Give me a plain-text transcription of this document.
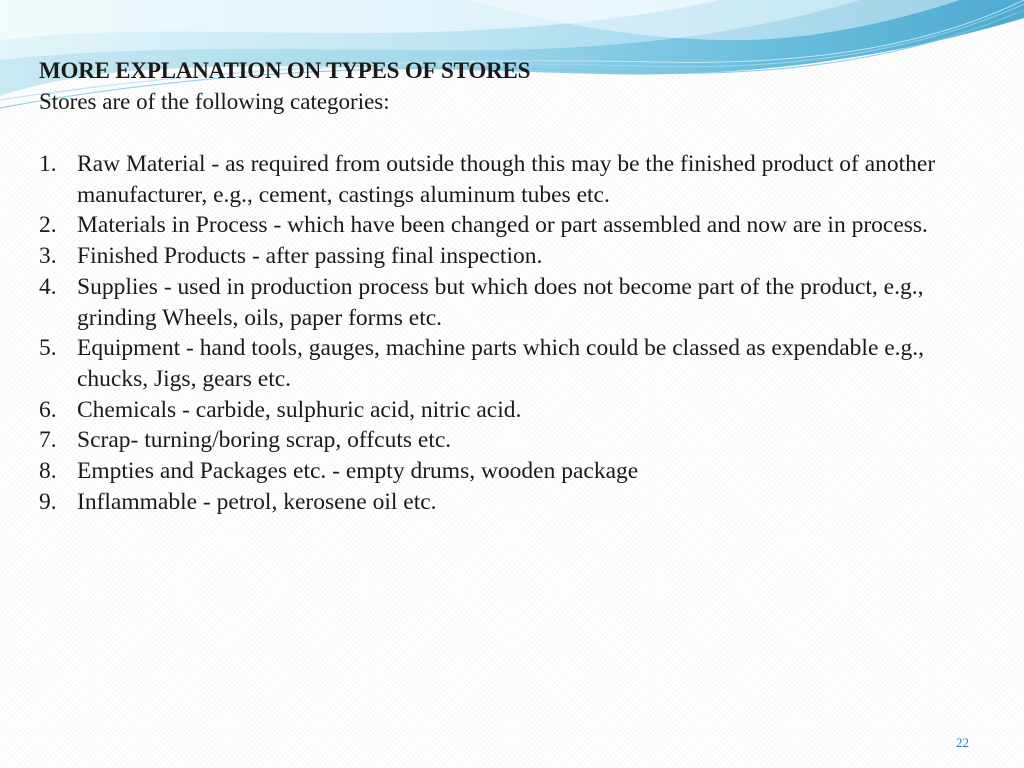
MORE EXPLANATION ON TYPES OF STORES
Stores are of the following categories:
1. Raw Material - as required from outside though this may be the finished product of another manufacturer, e.g., cement, castings aluminum tubes etc.
2. Materials in Process - which have been changed or part assembled and now are in process.
3. Finished Products - after passing final inspection.
4. Supplies - used in production process but which does not become part of the product, e.g., grinding Wheels, oils, paper forms etc.
5. Equipment - hand tools, gauges, machine parts which could be classed as expendable e.g., chucks, Jigs, gears etc.
6. Chemicals - carbide, sulphuric acid, nitric acid.
7. Scrap- turning/boring scrap, offcuts etc.
8. Empties and Packages etc. - empty drums, wooden package
9. Inflammable - petrol, kerosene oil etc.
22
